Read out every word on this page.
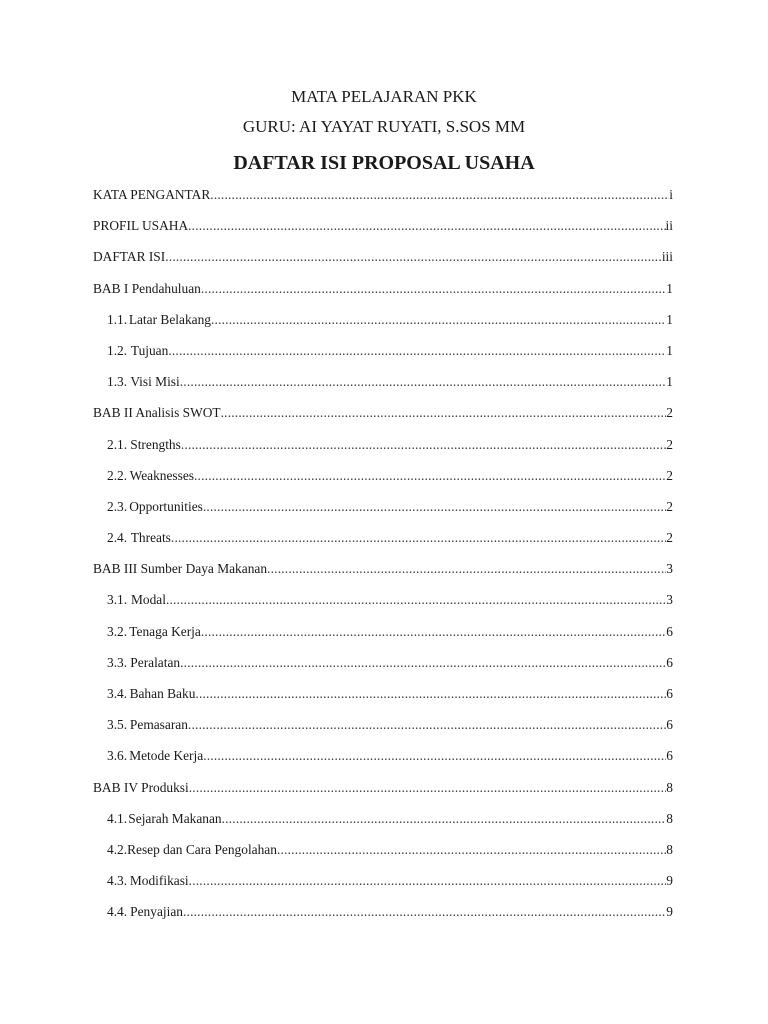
MATA PELAJARAN PKK
GURU: AI YAYAT RUYATI, S.SOS MM
DAFTAR ISI PROPOSAL USAHA
KATA PENGANTAR .....	i
PROFIL USAHA .....	ii
DAFTAR ISI .....	iii
BAB I Pendahuluan .....	1
1.1. Latar Belakang .....	1
1.2. Tujuan .....	1
1.3. Visi Misi .....	1
BAB II Analisis SWOT .....	2
2.1. Strengths .....	2
2.2. Weaknesses .....	2
2.3. Opportunities .....	2
2.4. Threats .....	2
BAB III Sumber Daya Makanan .....	3
3.1. Modal .....	3
3.2. Tenaga Kerja .....	6
3.3. Peralatan .....	6
3.4. Bahan Baku .....	6
3.5. Pemasaran .....	6
3.6. Metode Kerja .....	6
BAB IV Produksi .....	8
4.1. Sejarah Makanan .....	8
4.2. Resep dan Cara Pengolahan .....	8
4.3. Modifikasi .....	9
4.4. Penyajian .....	9
